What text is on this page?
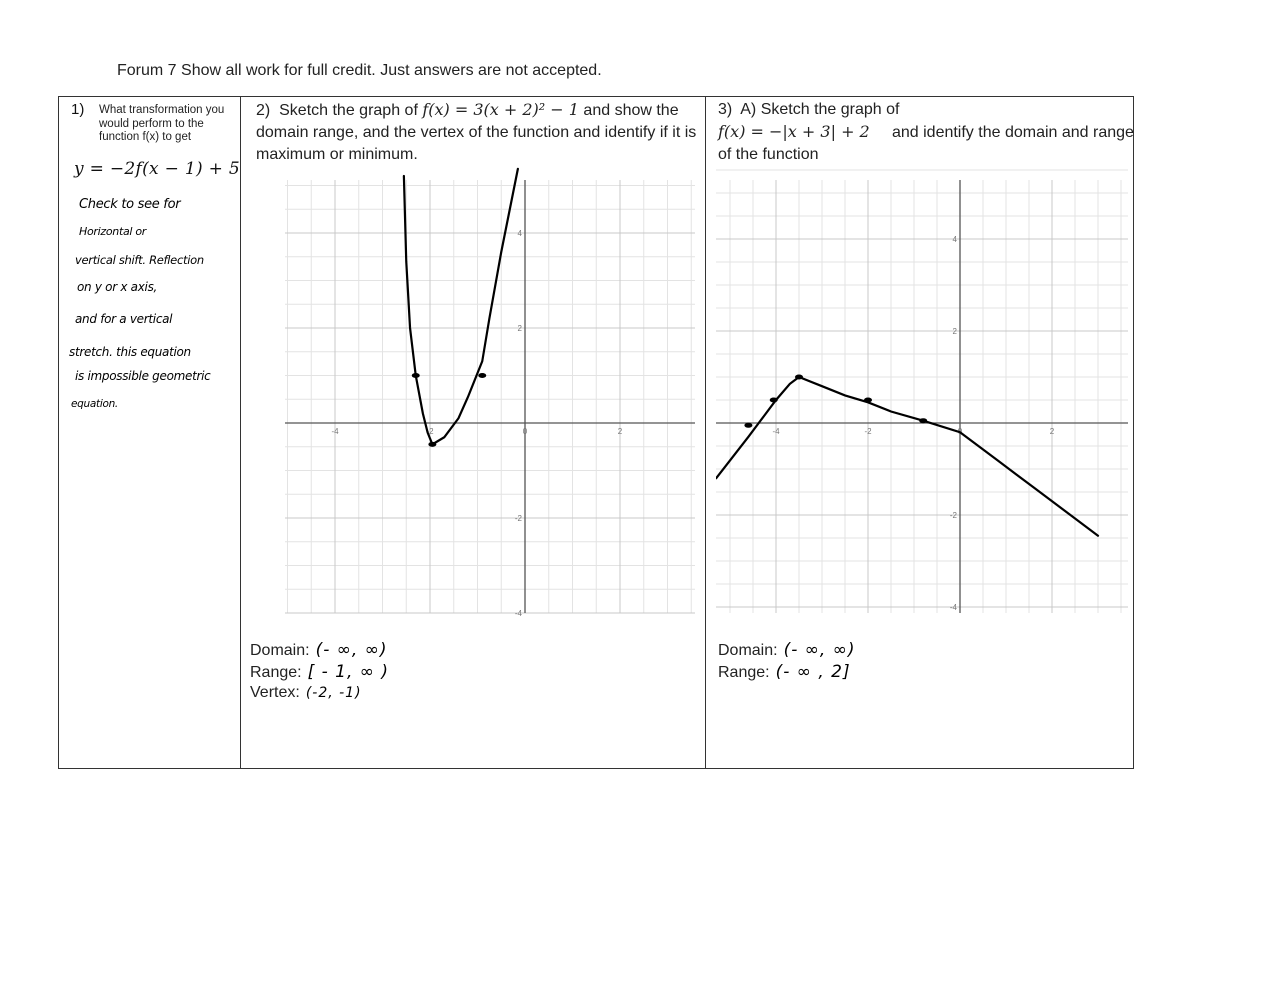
Forum 7 Show all work for full credit. Just answers are not accepted.
1) What transformation you would perform to the function f(x) to get
y = −2f(x − 1) + 5
Check to see for
Horizontal or
vertical shift. Reflection
on y or x axis,
and for a vertical
stretch. this equation
is impossible geometric
equation.
2) Sketch the graph of f(x) = 3(x + 2)² − 1 and show the domain range, and the vertex of the function and identify if it is maximum or minimum.
Domain: (- ∞, ∞)
Range: [ - 1, ∞ )
Vertex: (-2, -1)
3) A) Sketch the graph of
f(x) = −|x + 3| + 2 and identify the domain and range of the function
Domain: (- ∞, ∞)
Range: (- ∞ , 2]
-4	-2	0	2
4
2
-2
-4
-4	-2	0	2
4
2
-2
-4
